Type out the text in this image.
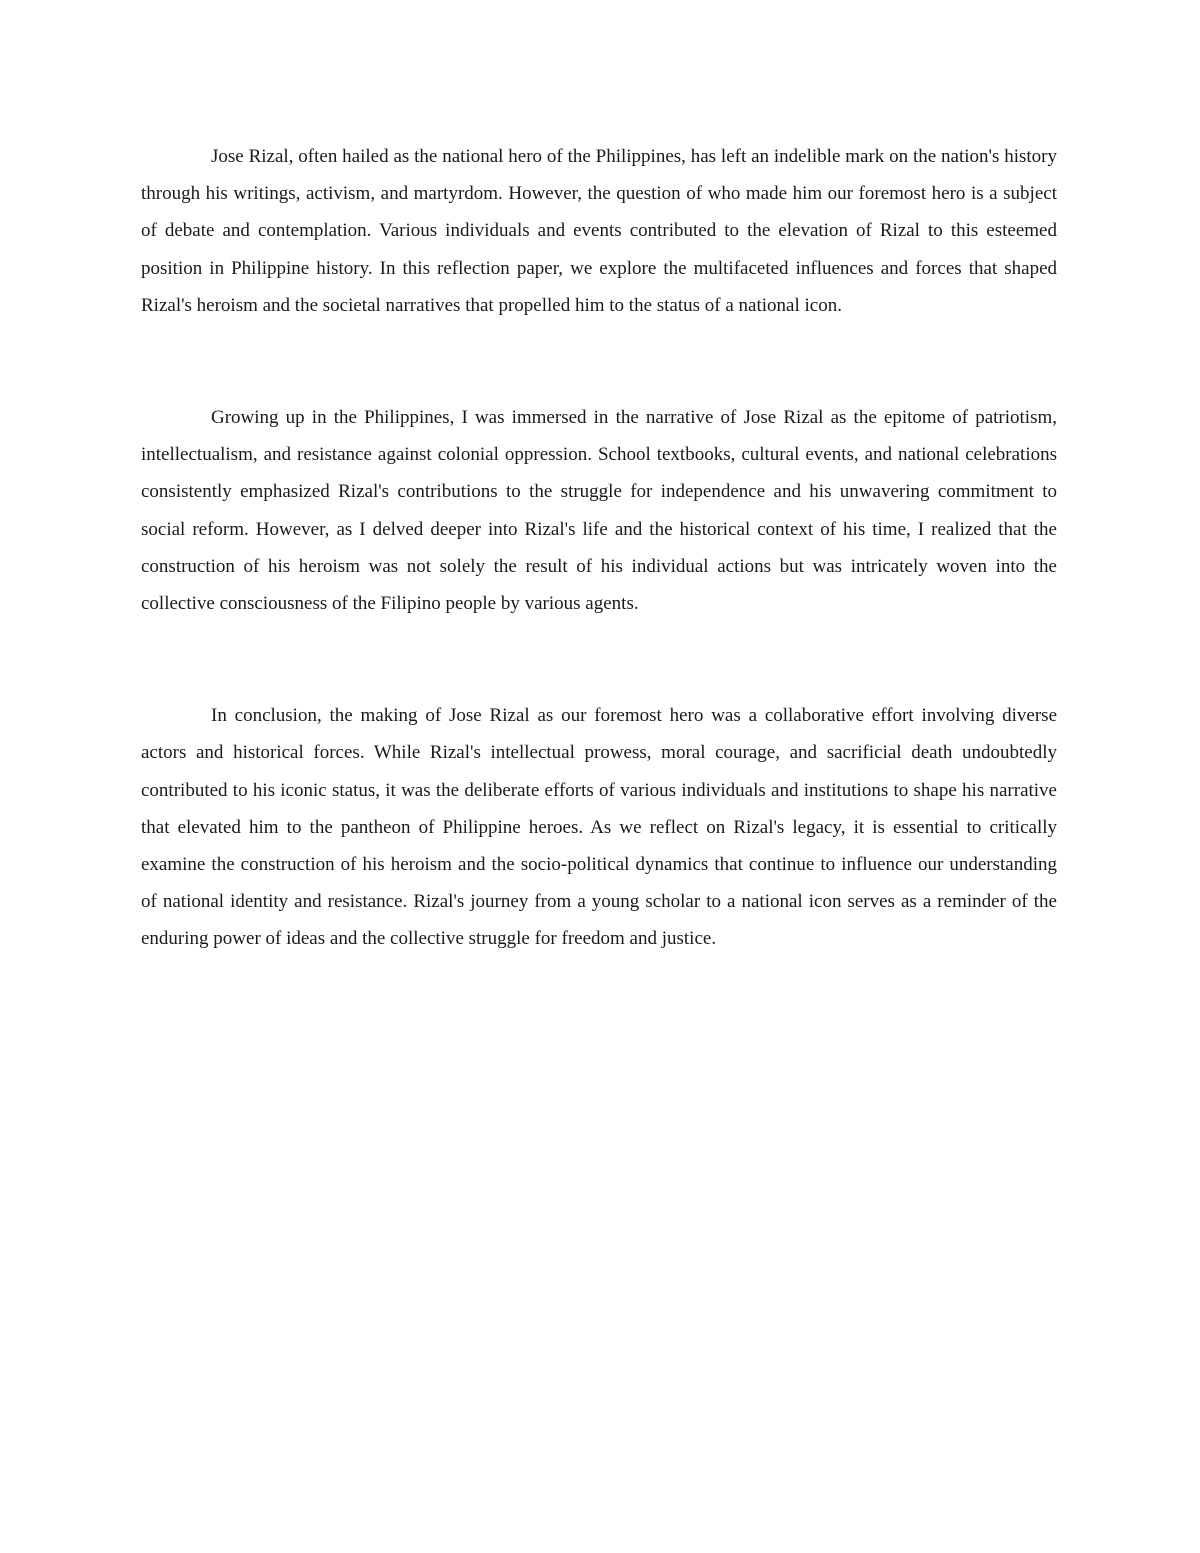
Jose Rizal, often hailed as the national hero of the Philippines, has left an indelible mark on the nation's history through his writings, activism, and martyrdom. However, the question of who made him our foremost hero is a subject of debate and contemplation. Various individuals and events contributed to the elevation of Rizal to this esteemed position in Philippine history. In this reflection paper, we explore the multifaceted influences and forces that shaped Rizal's heroism and the societal narratives that propelled him to the status of a national icon.

Growing up in the Philippines, I was immersed in the narrative of Jose Rizal as the epitome of patriotism, intellectualism, and resistance against colonial oppression. School textbooks, cultural events, and national celebrations consistently emphasized Rizal's contributions to the struggle for independence and his unwavering commitment to social reform. However, as I delved deeper into Rizal's life and the historical context of his time, I realized that the construction of his heroism was not solely the result of his individual actions but was intricately woven into the collective consciousness of the Filipino people by various agents.

In conclusion, the making of Jose Rizal as our foremost hero was a collaborative effort involving diverse actors and historical forces. While Rizal's intellectual prowess, moral courage, and sacrificial death undoubtedly contributed to his iconic status, it was the deliberate efforts of various individuals and institutions to shape his narrative that elevated him to the pantheon of Philippine heroes. As we reflect on Rizal's legacy, it is essential to critically examine the construction of his heroism and the socio-political dynamics that continue to influence our understanding of national identity and resistance. Rizal's journey from a young scholar to a national icon serves as a reminder of the enduring power of ideas and the collective struggle for freedom and justice.
